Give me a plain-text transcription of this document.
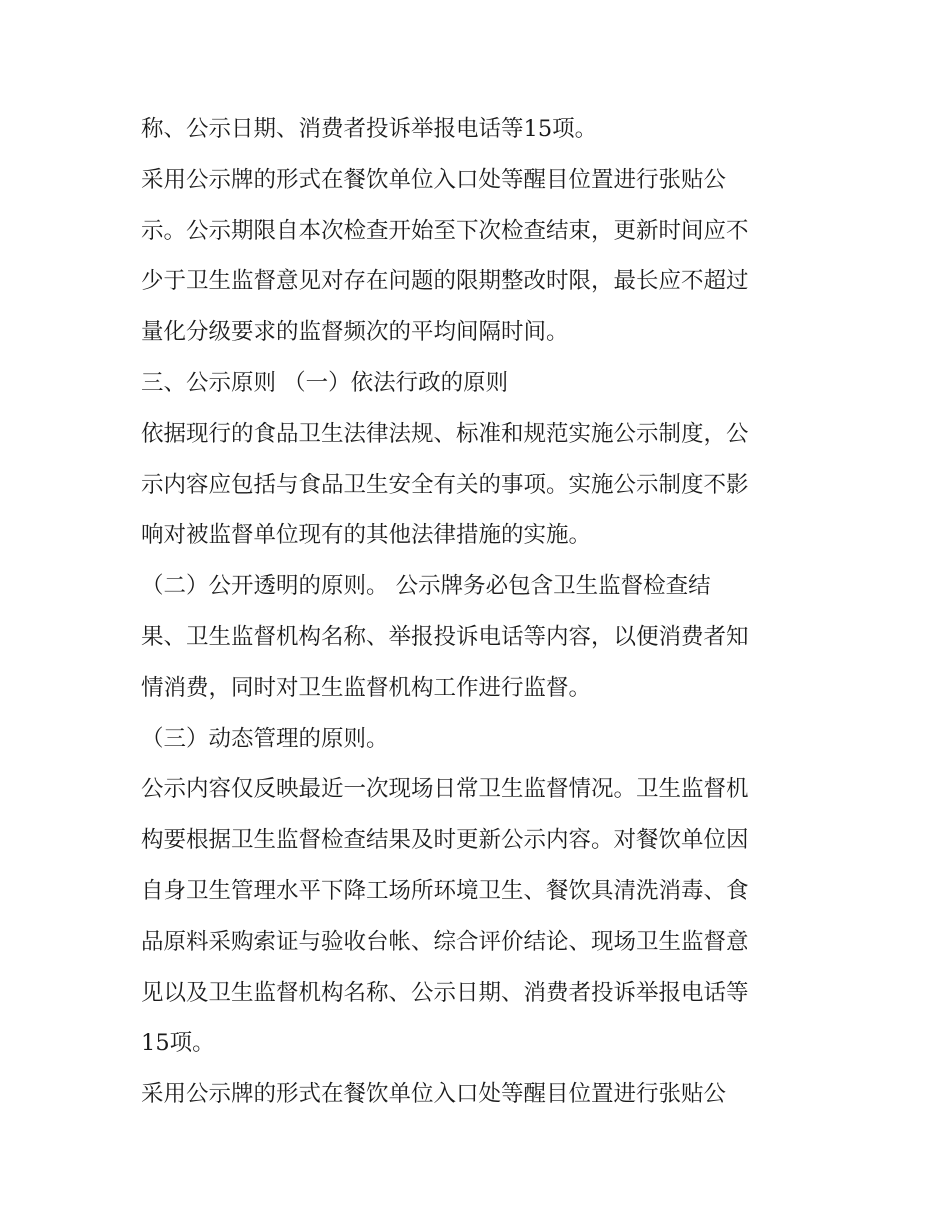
称、公示日期、消费者投诉举报电话等15项。
采用公示牌的形式在餐饮单位入口处等醒目位置进行张贴公
示。公示期限自本次检查开始至下次检查结束，更新时间应不
少于卫生监督意见对存在问题的限期整改时限，最长应不超过
量化分级要求的监督频次的平均间隔时间。
三、公示原则 （一）依法行政的原则
依据现行的食品卫生法律法规、标准和规范实施公示制度，公
示内容应包括与食品卫生安全有关的事项。实施公示制度不影
响对被监督单位现有的其他法律措施的实施。
（二）公开透明的原则。 公示牌务必包含卫生监督检查结
果、卫生监督机构名称、举报投诉电话等内容，以便消费者知
情消费，同时对卫生监督机构工作进行监督。
（三）动态管理的原则。
公示内容仅反映最近一次现场日常卫生监督情况。卫生监督机
构要根据卫生监督检查结果及时更新公示内容。对餐饮单位因
自身卫生管理水平下降工场所环境卫生、餐饮具清洗消毒、食
品原料采购索证与验收台帐、综合评价结论、现场卫生监督意
见以及卫生监督机构名称、公示日期、消费者投诉举报电话等
15项。
采用公示牌的形式在餐饮单位入口处等醒目位置进行张贴公
